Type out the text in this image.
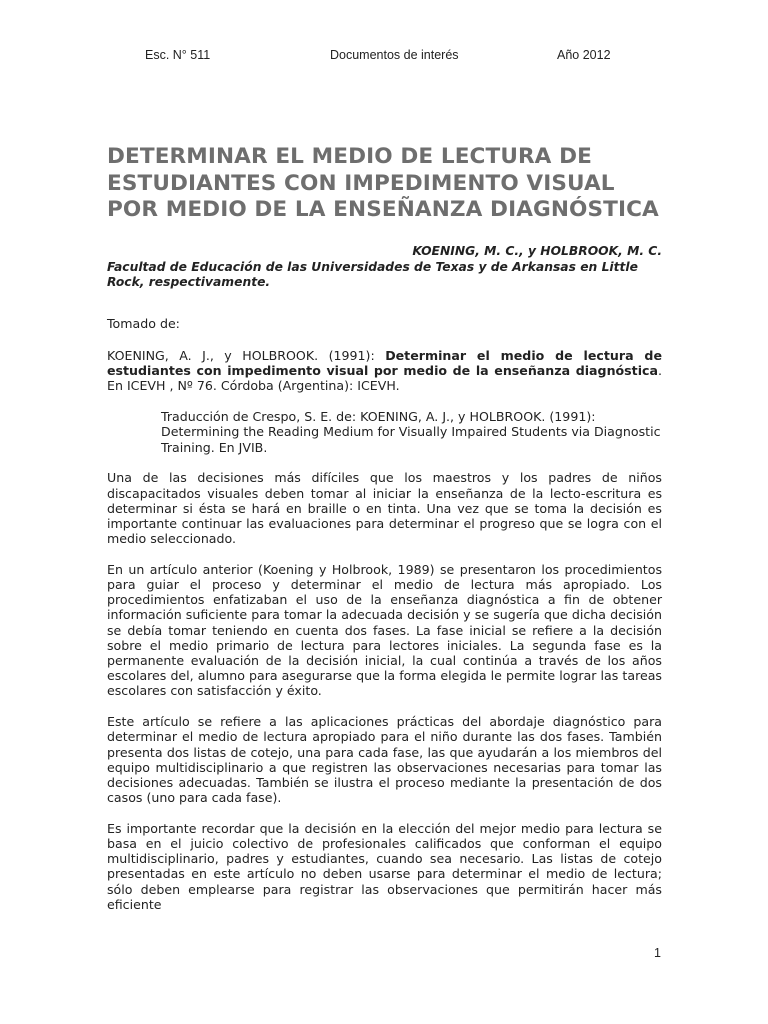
Esc. N° 511	Documentos de interés	Año 2012
DETERMINAR EL MEDIO DE LECTURA DE ESTUDIANTES CON IMPEDIMENTO VISUAL POR MEDIO DE LA ENSEÑANZA DIAGNÓSTICA
KOENING, M. C., y HOLBROOK, M. C.
Facultad de Educación de las Universidades de Texas y de Arkansas en Little Rock, respectivamente.

Tomado de:

KOENING, A. J., y HOLBROOK. (1991): Determinar el medio de lectura de estudiantes con impedimento visual por medio de la enseñanza diagnóstica. En ICEVH , Nº 76. Córdoba (Argentina): ICEVH.

Traducción de Crespo, S. E. de: KOENING, A. J., y HOLBROOK. (1991):
Determining the Reading Medium for Visually Impaired Students via Diagnostic Training. En JVIB.

Una de las decisiones más difíciles que los maestros y los padres de niños discapacitados visuales deben tomar al iniciar la enseñanza de la lecto-escritura es determinar si ésta se hará en braille o en tinta. Una vez que se toma la decisión es importante continuar las evaluaciones para determinar el progreso que se logra con el medio seleccionado.

En un artículo anterior (Koening y Holbrook, 1989) se presentaron los procedimientos para guiar el proceso y determinar el medio de lectura más apropiado. Los procedimientos enfatizaban el uso de la enseñanza diagnóstica a fin de obtener información suficiente para tomar la adecuada decisión y se sugería que dicha decisión se debía tomar teniendo en cuenta dos fases. La fase inicial se refiere a la decisión sobre el medio primario de lectura para lectores iniciales. La segunda fase es la permanente evaluación de la decisión inicial, la cual continúa a través de los años escolares del, alumno para asegurarse que la forma elegida le permite lograr las tareas escolares con satisfacción y éxito.

Este artículo se refiere a las aplicaciones prácticas del abordaje diagnóstico para determinar el medio de lectura apropiado para el niño durante las dos fases. También presenta dos listas de cotejo, una para cada fase, las que ayudarán a los miembros del equipo multidisciplinario a que registren las observaciones necesarias para tomar las decisiones adecuadas. También se ilustra el proceso mediante la presentación de dos casos (uno para cada fase).

Es importante recordar que la decisión en la elección del mejor medio para lectura se basa en el juicio colectivo de profesionales calificados que conforman el equipo multidisciplinario, padres y estudiantes, cuando sea necesario. Las listas de cotejo presentadas en este artículo no deben usarse para determinar el medio de lectura; sólo deben emplearse para registrar las observaciones que permitirán hacer más eficiente

1
